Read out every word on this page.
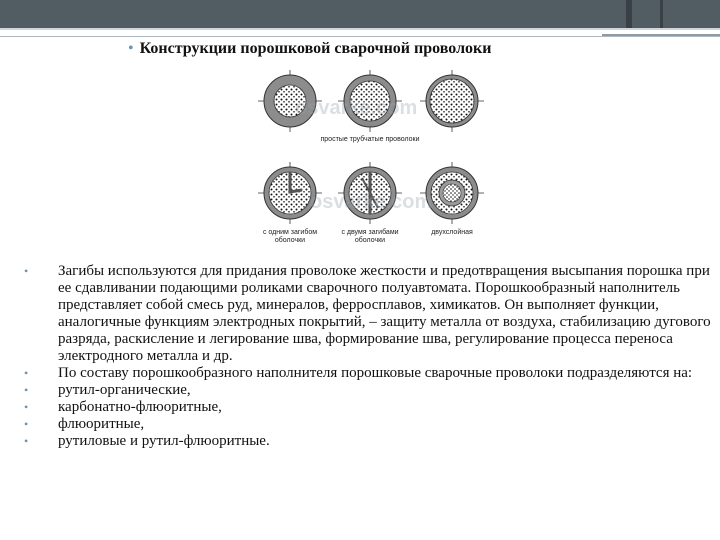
• Конструкции порошковой сварочной проволоки
простые трубчатые проволоки
с одним загибом
оболочки
с двумя загибами
оболочки
двухслойная
osvarke.com
osvarke.com
• Загибы используются для придания проволоке жесткости и предотвращения высыпания порошка при ее сдавливании подающими роликами сварочного полуавтомата. Порошкообразный наполнитель представляет собой смесь руд, минералов, ферросплавов, химикатов. Он выполняет функции, аналогичные функциям электродных покрытий, – защиту металла от воздуха, стабилизацию дугового разряда, раскисление и легирование шва, формирование шва, регулирование процесса переноса электродного металла и др.
• По составу порошкообразного наполнителя порошковые сварочные проволоки подразделяются на:
• рутил-органические,
• карбонатно-флюоритные,
• флюоритные,
• рутиловые и рутил-флюоритные.
